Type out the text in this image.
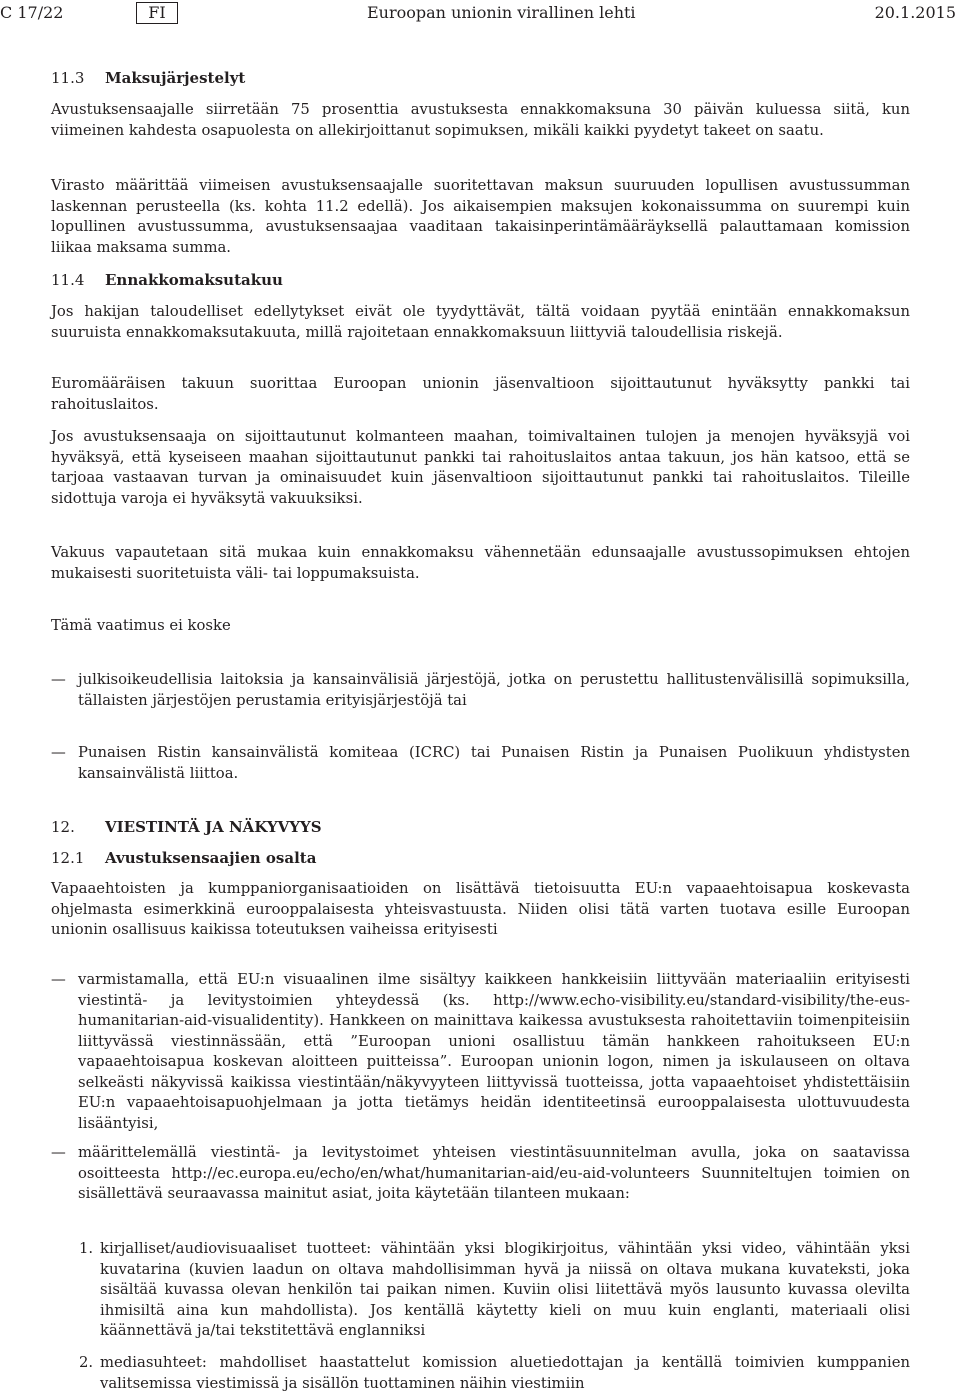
C 17/22	FI	Euroopan unionin virallinen lehti	20.1.2015
11.3 Maksujärjestelyt

Avustuksensaajalle siirretään 75 prosenttia avustuksesta ennakkomaksuna 30 päivän kuluessa siitä, kun viimeinen kahdesta osapuolesta on allekirjoittanut sopimuksen, mikäli kaikki pyydetyt takeet on saatu.

Virasto määrittää viimeisen avustuksensaajalle suoritettavan maksun suuruuden lopullisen avustussumman laskennan perusteella (ks. kohta 11.2 edellä). Jos aikaisempien maksujen kokonaissumma on suurempi kuin lopullinen avustussumma, avustuksensaajaa vaaditaan takaisinperintämääräyksellä palauttamaan komission liikaa maksama summa.

11.4 Ennakkomaksutakuu

Jos hakijan taloudelliset edellytykset eivät ole tyydyttävät, tältä voidaan pyytää enintään ennakkomaksun suuruista ennakkomaksutakuuta, millä rajoitetaan ennakkomaksuun liittyviä taloudellisia riskejä.

Euromääräisen takuun suorittaa Euroopan unionin jäsenvaltioon sijoittautunut hyväksytty pankki tai rahoituslaitos.

Jos avustuksensaaja on sijoittautunut kolmanteen maahan, toimivaltainen tulojen ja menojen hyväksyjä voi hyväksyä, että kyseiseen maahan sijoittautunut pankki tai rahoituslaitos antaa takuun, jos hän katsoo, että se tarjoaa vastaavan turvan ja ominaisuudet kuin jäsenvaltioon sijoittautunut pankki tai rahoituslaitos. Tileille sidottuja varoja ei hyväksytä vakuuksiksi.

Vakuus vapautetaan sitä mukaa kuin ennakkomaksu vähennetään edunsaajalle avustussopimuksen ehtojen mukaisesti suoritetuista väli- tai loppumaksuista.

Tämä vaatimus ei koske

— julkisoikeudellisia laitoksia ja kansainvälisiä järjestöjä, jotka on perustettu hallitustenvälisillä sopimuksilla, tällaisten järjestöjen perustamia erityisjärjestöjä tai

— Punaisen Ristin kansainvälistä komiteaa (ICRC) tai Punaisen Ristin ja Punaisen Puolikuun yhdistysten kansainvälistä liittoa.

12. VIESTINTÄ JA NÄKYVYYS
12.1 Avustuksensaajien osalta

Vapaaehtoisten ja kumppaniorganisaatioiden on lisättävä tietoisuutta EU:n vapaaehtoisapua koskevasta ohjelmasta esimerkkinä eurooppalaisesta yhteisvastuusta. Niiden olisi tätä varten tuotava esille Euroopan unionin osallisuus kaikissa toteutuksen vaiheissa erityisesti

— varmistamalla, että EU:n visuaalinen ilme sisältyy kaikkeen hankkeisiin liittyvään materiaaliin erityisesti viestintä- ja levitystoimien yhteydessä (ks. http://www.echo-visibility.eu/standard-visibility/the-eus-humanitarian-aid-visualidentity). Hankkeen on mainittava kaikessa avustuksesta rahoitettaviin toimenpiteisiin liittyvässä viestinnässään, että ”Euroopan unioni osallistuu tämän hankkeen rahoitukseen EU:n vapaaehtoisapua koskevan aloitteen puitteissa”. Euroopan unionin logon, nimen ja iskulauseen on oltava selkeästi näkyvissä kaikissa viestintään/näkyvyyteen liittyvissä tuotteissa, jotta vapaaehtoiset yhdistettäisiin EU:n vapaaehtoisapuohjelmaan ja jotta tietämys heidän identiteetinsä eurooppalaisesta ulottuvuudesta lisääntyisi,

— määrittelemällä viestintä- ja levitystoimet yhteisen viestintäsuunnitelman avulla, joka on saatavissa osoitteesta http://ec.europa.eu/echo/en/what/humanitarian-aid/eu-aid-volunteers Suunniteltujen toimien on sisällettävä seuraavassa mainitut asiat, joita käytetään tilanteen mukaan:

1. kirjalliset/audiovisuaaliset tuotteet: vähintään yksi blogikirjoitus, vähintään yksi video, vähintään yksi kuvatarina (kuvien laadun on oltava mahdollisimman hyvä ja niissä on oltava mukana kuvateksti, joka sisältää kuvassa olevan henkilön tai paikan nimen. Kuviin olisi liitettävä myös lausunto kuvassa olevilta ihmisiltä aina kun mahdollista). Jos kentällä käytetty kieli on muu kuin englanti, materiaali olisi käännettävä ja/tai tekstitettävä englanniksi

2. mediasuhteet: mahdolliset haastattelut komission aluetiedottajan ja kentällä toimivien kumppanien valitsemissa viestimissä ja sisällön tuottaminen näihin viestimiin
